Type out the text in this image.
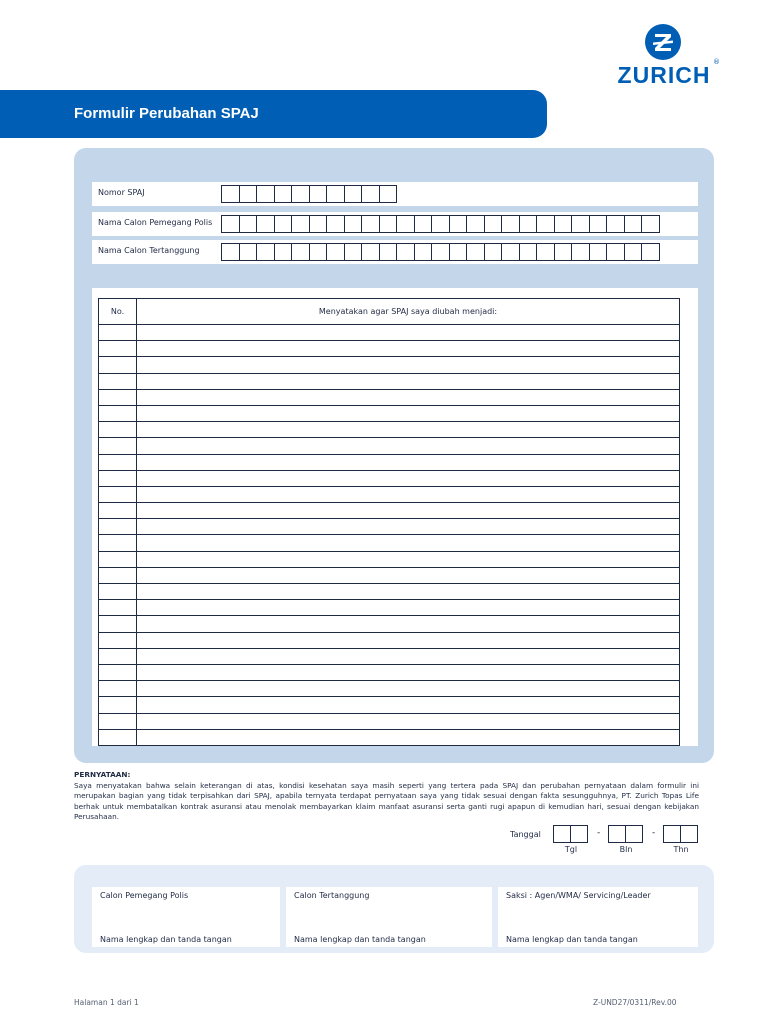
ZURICH ®
Formulir Perubahan SPAJ
Nomor SPAJ
Nama Calon Pemegang Polis
Nama Calon Tertanggung
No.	Menyatakan agar SPAJ saya diubah menjadi:

PERNYATAAN:
Saya menyatakan bahwa selain keterangan di atas, kondisi kesehatan saya masih seperti yang tertera pada SPAJ dan perubahan pernyataan dalam formulir ini merupakan bagian yang tidak terpisahkan dari SPAJ, apabila ternyata terdapat pernyataan saya yang tidak sesuai dengan fakta sesungguhnya, PT. Zurich Topas Life berhak untuk membatalkan kontrak asuransi atau menolak membayarkan klaim manfaat asuransi serta ganti rugi apapun di kemudian hari, sesuai dengan kebijakan Perusahaan.
Tanggal	-	-
Tgl	Bln	Thn
Calon Pemegang Polis
Nama lengkap dan tanda tangan
Calon Tertanggung
Nama lengkap dan tanda tangan
Saksi : Agen/WMA/ Servicing/Leader
Nama lengkap dan tanda tangan
Halaman 1 dari 1	Z-UND27/0311/Rev.00
